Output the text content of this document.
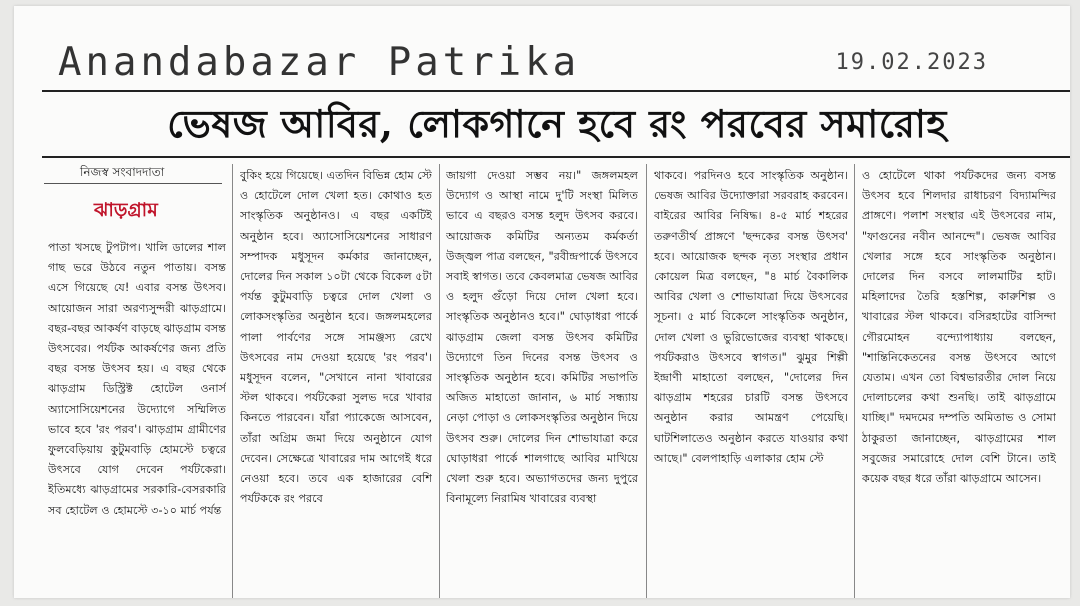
Anandabazar Patrika	19.02.2023
ভেষজ আবির, লোকগানে হবে রং পরবের সমারোহ
নিজস্ব সংবাদদাতা
ঝাড়গ্রাম

পাতা খসছে টুপটাপ। খালি ডালের শাল গাছ ভরে উঠবে নতুন পাতায়। বসন্ত এসে গিয়েছে যে! এবার বসন্ত উৎসব। আয়োজন সারা অরণ্যসুন্দরী ঝাড়গ্রামে। বছর-বছর আকর্ষণ বাড়ছে ঝাড়গ্রাম বসন্ত উৎসবের। পর্যটক আকর্ষণের জন্য প্রতি বছর বসন্ত উৎসব হয়। এ বছর থেকে ঝাড়গ্রাম ডিস্ট্রিক্ট হোটেল ওনার্স অ্যাসোসিয়েশনের উদ্যোগে সম্মিলিত ভাবে হবে 'রং পরব'। ঝাড়গ্রাম গ্রামীণের ফুলবেড়িয়ায় কুটুমবাড়ি হোমস্টে চত্বরে উৎসবে যোগ দেবেন পর্যটকেরা। ইতিমধ্যে ঝাড়গ্রামের সরকারি-বেসরকারি সব হোটেল ও হোমস্টে ৩-১০ মার্চ পর্যন্ত

বুকিং হয়ে গিয়েছে। এতদিন বিভিন্ন হোম স্টে ও হোটেলে দোল খেলা হত। কোথাও হত সাংস্কৃতিক অনুষ্ঠানও। এ বছর একটিই অনুষ্ঠান হবে। অ্যাসোসিয়েশনের সাধারণ সম্পাদক মধুসূদন কর্মকার জানাচ্ছেন, দোলের দিন সকাল ১০টা থেকে বিকেল ৫টা পর্যন্ত কুটুমবাড়ি চত্বরে দোল খেলা ও লোকসংস্কৃতির অনুষ্ঠান হবে। জঙ্গলমহলের পালা পার্বণের সঙ্গে সামঞ্জস্য রেখে উৎসবের নাম দেওয়া হয়েছে 'রং পরব'। মধুসূদন বলেন, "সেখানে নানা খাবারের স্টল থাকবে। পর্যটকেরা সুলভ দরে খাবার কিনতে পারবেন। যাঁরা প্যাকেজে আসবেন, তাঁরা অগ্রিম জমা দিয়ে অনুষ্ঠানে যোগ দেবেন। সেক্ষেত্রে খাবারের দাম আগেই ধরে নেওয়া হবে। তবে এক হাজারের বেশি পর্যটককে রং পরবে

জায়গা দেওয়া সম্ভব নয়।" জঙ্গলমহল উদ্যোগ ও আস্থা নামে দু'টি সংস্থা মিলিত ভাবে এ বছরও বসন্ত হলুদ উৎসব করবে। আয়োজক কমিটির অন্যতম কর্মকর্তা উজ্জ্বল পাত্র বলছেন, "রবীন্দ্রপার্কে উৎসবে সবাই স্বাগত। তবে কেবলমাত্র ভেষজ আবির ও হলুদ গুঁড়ো দিয়ে দোল খেলা হবে। সাংস্কৃতিক অনুষ্ঠানও হবে।" ঘোড়াধরা পার্কে ঝাড়গ্রাম জেলা বসন্ত উৎসব কমিটির উদ্যোগে তিন দিনের বসন্ত উৎসব ও সাংস্কৃতিক অনুষ্ঠান হবে। কমিটির সভাপতি অজিত মাহাতো জানান, ৬ মার্চ সন্ধ্যায় নেড়া পোড়া ও লোকসংস্কৃতির অনুষ্ঠান দিয়ে উৎসব শুরু। দোলের দিন শোভাযাত্রা করে ঘোড়াধরা পার্কে শালগাছে আবির মাখিয়ে খেলা শুরু হবে। অভ্যাগতদের জন্য দুপুরে বিনামূল্যে নিরামিষ খাবারের ব্যবস্থা

থাকবে। পরদিনও হবে সাংস্কৃতিক অনুষ্ঠান। ভেষজ আবির উদ্যোক্তারা সরবরাহ করবেন। বাইরের আবির নিষিদ্ধ। ৪-৫ মার্চ শহরের তরুণতীর্থ প্রাঙ্গণে 'ছন্দকের বসন্ত উৎসব' হবে। আয়োজক ছন্দক নৃত্য সংস্থার প্রধান কোয়েল মিত্র বলছেন, "৪ মার্চ বৈকালিক আবির খেলা ও শোভাযাত্রা দিয়ে উৎসবের সূচনা। ৫ মার্চ বিকেলে সাংস্কৃতিক অনুষ্ঠান, দোল খেলা ও ভুরিভোজের ব্যবস্থা থাকছে। পর্যটকরাও উৎসবে স্বাগত।" ঝুমুর শিল্পী ইন্দ্রাণী মাহাতো বলছেন, "দোলের দিন ঝাড়গ্রাম শহরের চারটি বসন্ত উৎসবে অনুষ্ঠান করার আমন্ত্রণ পেয়েছি। ঘাটশিলাতেও অনুষ্ঠান করতে যাওয়ার কথা আছে।" বেলপাহাড়ি এলাকার হোম স্টে

ও হোটেলে থাকা পর্যটকদের জন্য বসন্ত উৎসব হবে শিলদার রাধাচরণ বিদ্যামন্দির প্রাঙ্গণে। পলাশ সংস্থার এই উৎসবের নাম, "ফাগুনের নবীন আনন্দে"। ভেষজ আবির খেলার সঙ্গে হবে সাংস্কৃতিক অনুষ্ঠান। দোলের দিন বসবে লালমাটির হাট। মহিলাদের তৈরি হস্তশিল্প, কারুশিল্প ও খাবারের স্টল থাকবে। বসিরহাটের বাসিন্দা গৌরমোহন বন্দ্যোপাধ্যায় বলছেন, "শান্তিনিকেতনের বসন্ত উৎসবে আগে যেতাম। এখন তো বিশ্বভারতীর দোল নিয়ে দোলাচলের কথা শুনছি। তাই ঝাড়গ্রামে যাচ্ছি।" দমদমের দম্পতি অমিতাভ ও সোমা ঠাকুরতা জানাচ্ছেন, ঝাড়গ্রামের শাল সবুজের সমারোহে দোল বেশি টানে। তাই কয়েক বছর ধরে তাঁরা ঝাড়গ্রামে আসেন।
